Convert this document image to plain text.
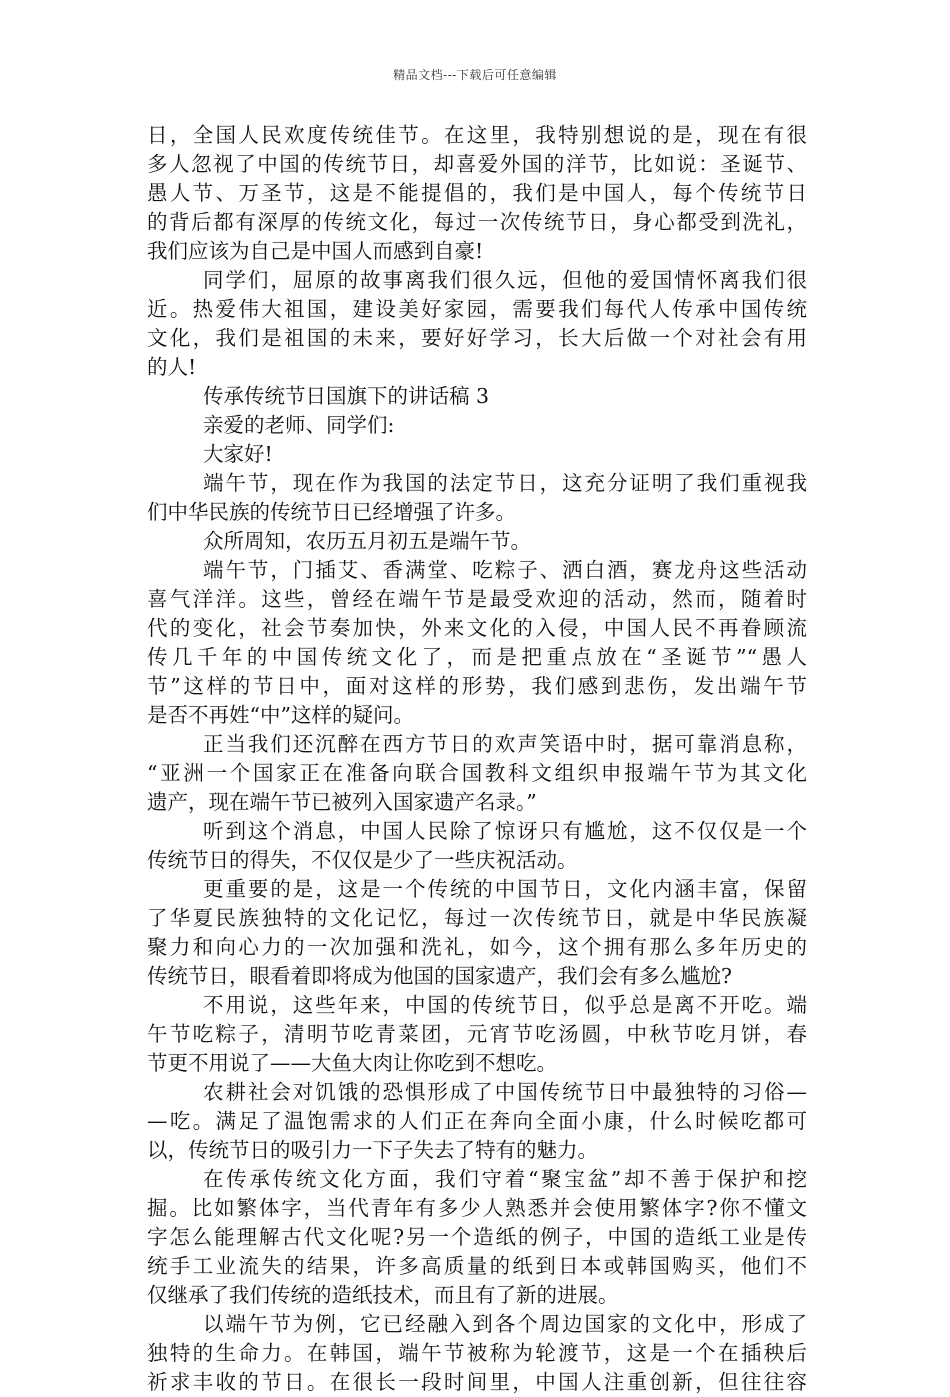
精品文档---下载后可任意编辑
日，全国人民欢度传统佳节。在这里，我特别想说的是，现在有很
多人忽视了中国的传统节日，却喜爱外国的洋节，比如说：圣诞节、
愚人节、万圣节，这是不能提倡的，我们是中国人，每个传统节日
的背后都有深厚的传统文化，每过一次传统节日，身心都受到洗礼，
我们应该为自己是中国人而感到自豪!
同学们，屈原的故事离我们很久远，但他的爱国情怀离我们很
近。热爱伟大祖国，建设美好家园，需要我们每代人传承中国传统
文化，我们是祖国的未来，要好好学习，长大后做一个对社会有用
的人!
传承传统节日国旗下的讲话稿 3
亲爱的老师、同学们:
大家好!
端午节，现在作为我国的法定节日，这充分证明了我们重视我
们中华民族的传统节日已经增强了许多。
众所周知，农历五月初五是端午节。
端午节，门插艾、香满堂、吃粽子、洒白酒，赛龙舟这些活动
喜气洋洋。这些，曾经在端午节是最受欢迎的活动，然而，随着时
代的变化，社会节奏加快，外来文化的入侵，中国人民不再眷顾流
传几千年的中国传统文化了，而是把重点放在“圣诞节”“愚人
节”这样的节日中，面对这样的形势，我们感到悲伤，发出端午节
是否不再姓“中”这样的疑问。
正当我们还沉醉在西方节日的欢声笑语中时，据可靠消息称，
“亚洲一个国家正在准备向联合国教科文组织申报端午节为其文化
遗产，现在端午节已被列入国家遗产名录。”
听到这个消息，中国人民除了惊讶只有尴尬，这不仅仅是一个
传统节日的得失，不仅仅是少了一些庆祝活动。
更重要的是，这是一个传统的中国节日，文化内涵丰富，保留
了华夏民族独特的文化记忆，每过一次传统节日，就是中华民族凝
聚力和向心力的一次加强和洗礼，如今，这个拥有那么多年历史的
传统节日，眼看着即将成为他国的国家遗产，我们会有多么尴尬?
不用说，这些年来，中国的传统节日，似乎总是离不开吃。端
午节吃粽子，清明节吃青菜团，元宵节吃汤圆，中秋节吃月饼，春
节更不用说了——大鱼大肉让你吃到不想吃。
农耕社会对饥饿的恐惧形成了中国传统节日中最独特的习俗—
—吃。满足了温饱需求的人们正在奔向全面小康，什么时候吃都可
以，传统节日的吸引力一下子失去了特有的魅力。
在传承传统文化方面，我们守着“聚宝盆”却不善于保护和挖
掘。比如繁体字，当代青年有多少人熟悉并会使用繁体字?你不懂文
字怎么能理解古代文化呢?另一个造纸的例子，中国的造纸工业是传
统手工业流失的结果，许多高质量的纸到日本或韩国购买，他们不
仅继承了我们传统的造纸技术，而且有了新的进展。
以端午节为例，它已经融入到各个周边国家的文化中，形成了
独特的生命力。在韩国，端午节被称为轮渡节，这是一个在插秧后
祈求丰收的节日。在很长一段时间里，中国人注重创新，但往往容
